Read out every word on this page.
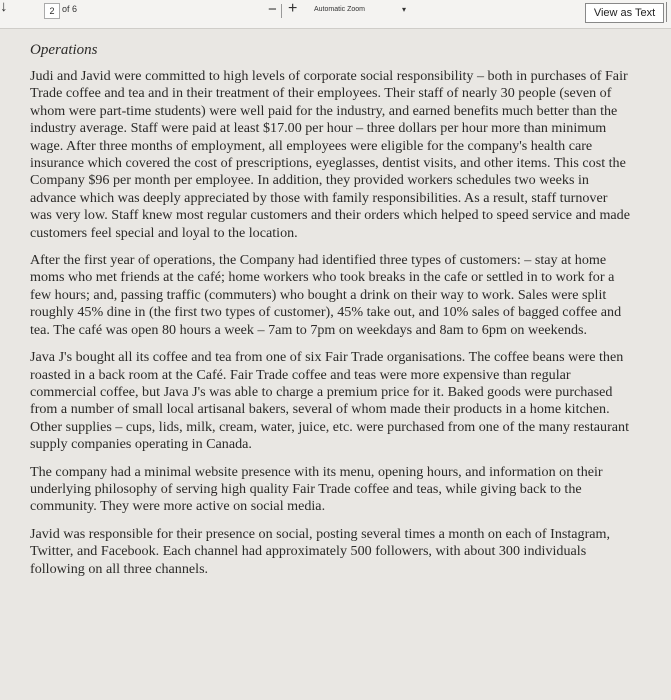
↓	2 of 6	− + Automatic Zoom	▾	View as Text
Operations

Judi and Javid were committed to high levels of corporate social responsibility – both in purchases of Fair Trade coffee and tea and in their treatment of their employees. Their staff of nearly 30 people (seven of whom were part-time students) were well paid for the industry, and earned benefits much better than the industry average. Staff were paid at least $17.00 per hour – three dollars per hour more than minimum wage. After three months of employment, all employees were eligible for the company's health care insurance which covered the cost of prescriptions, eyeglasses, dentist visits, and other items. This cost the Company $96 per month per employee. In addition, they provided workers schedules two weeks in advance which was deeply appreciated by those with family responsibilities. As a result, staff turnover was very low. Staff knew most regular customers and their orders which helped to speed service and made customers feel special and loyal to the location.

After the first year of operations, the Company had identified three types of customers: – stay at home moms who met friends at the café; home workers who took breaks in the cafe or settled in to work for a few hours; and, passing traffic (commuters) who bought a drink on their way to work. Sales were split roughly 45% dine in (the first two types of customer), 45% take out, and 10% sales of bagged coffee and tea. The café was open 80 hours a week – 7am to 7pm on weekdays and 8am to 6pm on weekends.

Java J's bought all its coffee and tea from one of six Fair Trade organisations. The coffee beans were then roasted in a back room at the Café. Fair Trade coffee and teas were more expensive than regular commercial coffee, but Java J's was able to charge a premium price for it. Baked goods were purchased from a number of small local artisanal bakers, several of whom made their products in a home kitchen. Other supplies – cups, lids, milk, cream, water, juice, etc. were purchased from one of the many restaurant supply companies operating in Canada.

The company had a minimal website presence with its menu, opening hours, and information on their underlying philosophy of serving high quality Fair Trade coffee and teas, while giving back to the community. They were more active on social media.

Javid was responsible for their presence on social, posting several times a month on each of Instagram, Twitter, and Facebook. Each channel had approximately 500 followers, with about 300 individuals following on all three channels.
